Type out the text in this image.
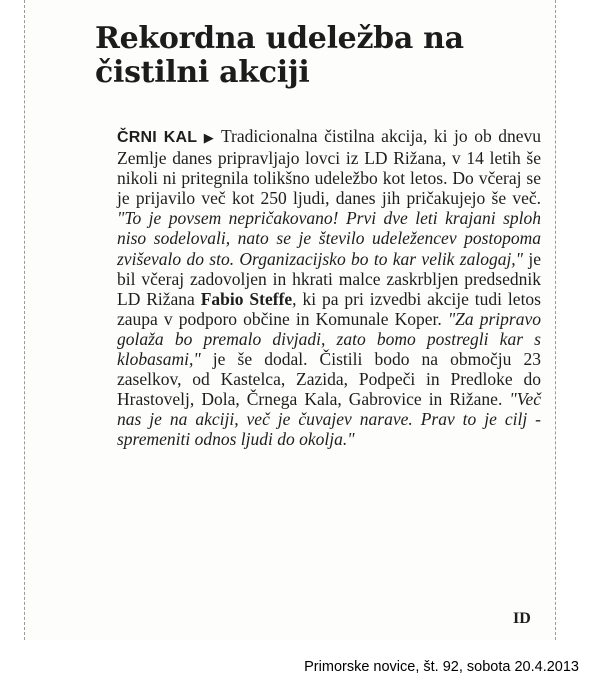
Rekordna udeležba na čistilni akciji
ČRNI KAL ▶ Tradicionalna čistilna akcija, ki jo ob dnevu Zemlje danes pripravljajo lovci iz LD Rižana, v 14 letih še nikoli ni pritegnila tolikšno udeležbo kot letos. Do včeraj se je prijavilo več kot 250 ljudi, danes jih pričakujejo še več. "To je povsem nepričakovano! Prvi dve leti krajani sploh niso sodelovali, nato se je število udeležencev postopoma zviševalo do sto. Organizacijsko bo to kar velik zalogaj," je bil včeraj zadovoljen in hkrati malce zaskrbljen predsednik LD Rižana Fabio Steffe, ki pa pri izvedbi akcije tudi letos zaupa v podporo občine in Komunale Koper. "Za pripravo golaža bo premalo divjadi, zato bomo postregli kar s klobasami," je še dodal. Čistili bodo na območju 23 zaselkov, od Kastelca, Zazida, Podpeči in Predloke do Hrastovelj, Dola, Črnega Kala, Gabrovice in Rižane. "Več nas je na akciji, več je čuvajev narave. Prav to je cilj - spremeniti odnos ljudi do okolja."
ID
Primorske novice, št. 92, sobota 20.4.2013
